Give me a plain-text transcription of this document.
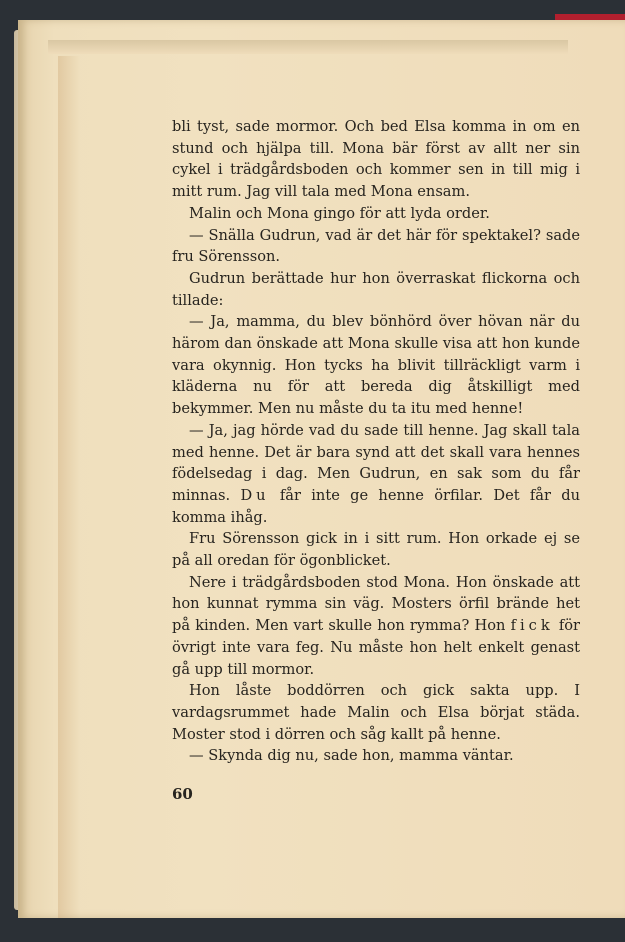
bli tyst, sade mormor. Och bed Elsa komma in om en stund och hjälpa till. Mona bär först av allt ner sin cykel i trädgårdsboden och kommer sen in till mig i mitt rum. Jag vill tala med Mona ensam.

Malin och Mona gingo för att lyda order.

— Snälla Gudrun, vad är det här för spektakel? sade fru Sörensson.

Gudrun berättade hur hon överraskat flickorna och tillade:

— Ja, mamma, du blev bönhörd över hövan när du härom dan önskade att Mona skulle visa att hon kunde vara okynnig. Hon tycks ha blivit tillräckligt varm i kläderna nu för att bereda dig åtskilligt med bekymmer. Men nu måste du ta itu med henne!

— Ja, jag hörde vad du sade till henne. Jag skall tala med henne. Det är bara synd att det skall vara hennes födelsedag i dag. Men Gudrun, en sak som du får minnas. Du får inte ge henne örfilar. Det får du komma ihåg.

Fru Sörensson gick in i sitt rum. Hon orkade ej se på all oredan för ögonblicket.

Nere i trädgårdsboden stod Mona. Hon önskade att hon kunnat rymma sin väg. Mosters örfil brände het på kinden. Men vart skulle hon rymma? Hon fick för övrigt inte vara feg. Nu måste hon helt enkelt genast gå upp till mormor.

Hon låste boddörren och gick sakta upp. I vardagsrummet hade Malin och Elsa börjat städa. Moster stod i dörren och såg kallt på henne.

— Skynda dig nu, sade hon, mamma väntar.

60
